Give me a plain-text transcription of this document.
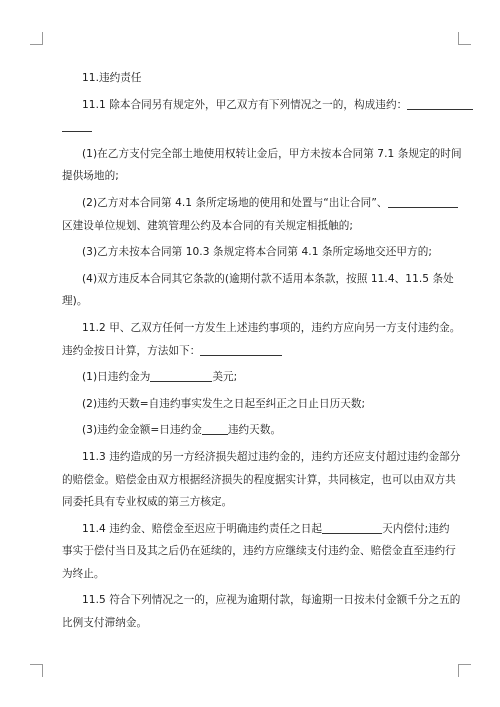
11.违约责任

11.1 除本合同另有规定外，甲乙双方有下列情况之一的，构成违约：

(1)在乙方支付完全部土地使用权转让金后，甲方未按本合同第 7.1 条规定的时间

提供场地的;

(2)乙方对本合同第 4.1 条所定场地的使用和处置与“出让合同”、

区建设单位规划、建筑管理公约及本合同的有关规定相抵触的;

(3)乙方未按本合同第 10.3 条规定将本合同第 4.1 条所定场地交还甲方的;

(4)双方违反本合同其它条款的(逾期付款不适用本条款，按照 11.4、11.5 条处

理)。

11.2 甲、乙双方任何一方发生上述违约事项的，违约方应向另一方支付违约金。

违约金按日计算，方法如下：

(1)日违约金为	美元;

(2)违约天数=自违约事实发生之日起至纠正之日止日历天数;

(3)违约金金额=日违约金 违约天数。

11.3 违约造成的另一方经济损失超过违约金的，违约方还应支付超过违约金部分

的赔偿金。赔偿金由双方根据经济损失的程度据实计算，共同核定，也可以由双方共

同委托具有专业权威的第三方核定。

11.4 违约金、赔偿金至迟应于明确违约责任之日起	天内偿付;违约

事实于偿付当日及其之后仍在延续的，违约方应继续支付违约金、赔偿金直至违约行

为终止。

11.5 符合下列情况之一的，应视为逾期付款，每逾期一日按未付金额千分之五的

比例支付滞纳金。
